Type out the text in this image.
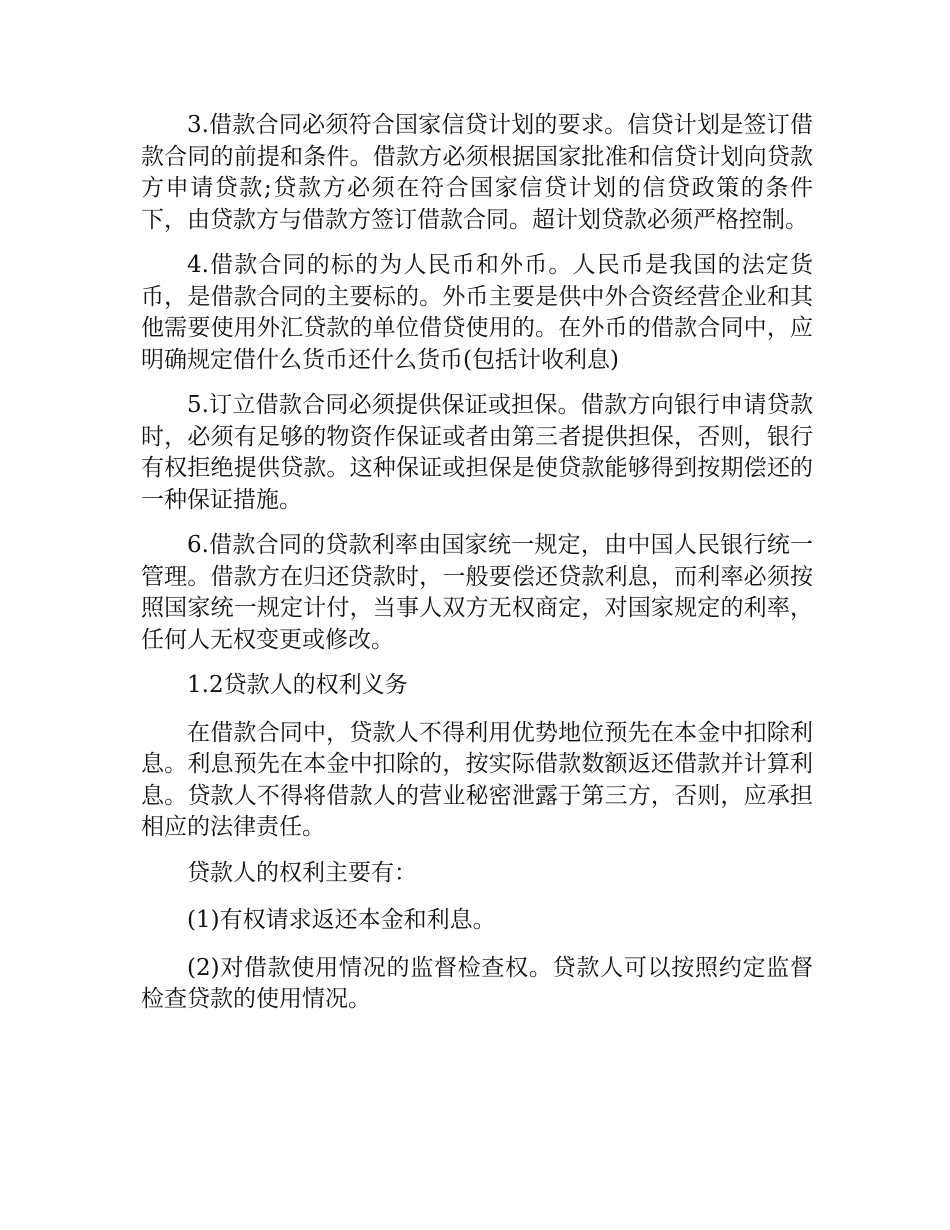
3.借款合同必须符合国家信贷计划的要求。信贷计划是签订借款合同的前提和条件。借款方必须根据国家批准和信贷计划向贷款方申请贷款;贷款方必须在符合国家信贷计划的信贷政策的条件下，由贷款方与借款方签订借款合同。超计划贷款必须严格控制。

4.借款合同的标的为人民币和外币。人民币是我国的法定货币，是借款合同的主要标的。外币主要是供中外合资经营企业和其他需要使用外汇贷款的单位借贷使用的。在外币的借款合同中，应明确规定借什么货币还什么货币(包括计收利息)

5.订立借款合同必须提供保证或担保。借款方向银行申请贷款时，必须有足够的物资作保证或者由第三者提供担保，否则，银行有权拒绝提供贷款。这种保证或担保是使贷款能够得到按期偿还的一种保证措施。

6.借款合同的贷款利率由国家统一规定，由中国人民银行统一管理。借款方在归还贷款时，一般要偿还贷款利息，而利率必须按照国家统一规定计付，当事人双方无权商定，对国家规定的利率，任何人无权变更或修改。

1.2贷款人的权利义务

在借款合同中，贷款人不得利用优势地位预先在本金中扣除利息。利息预先在本金中扣除的，按实际借款数额返还借款并计算利息。贷款人不得将借款人的营业秘密泄露于第三方，否则，应承担相应的法律责任。

贷款人的权利主要有：

(1)有权请求返还本金和利息。

(2)对借款使用情况的监督检查权。贷款人可以按照约定监督检查贷款的使用情况。
